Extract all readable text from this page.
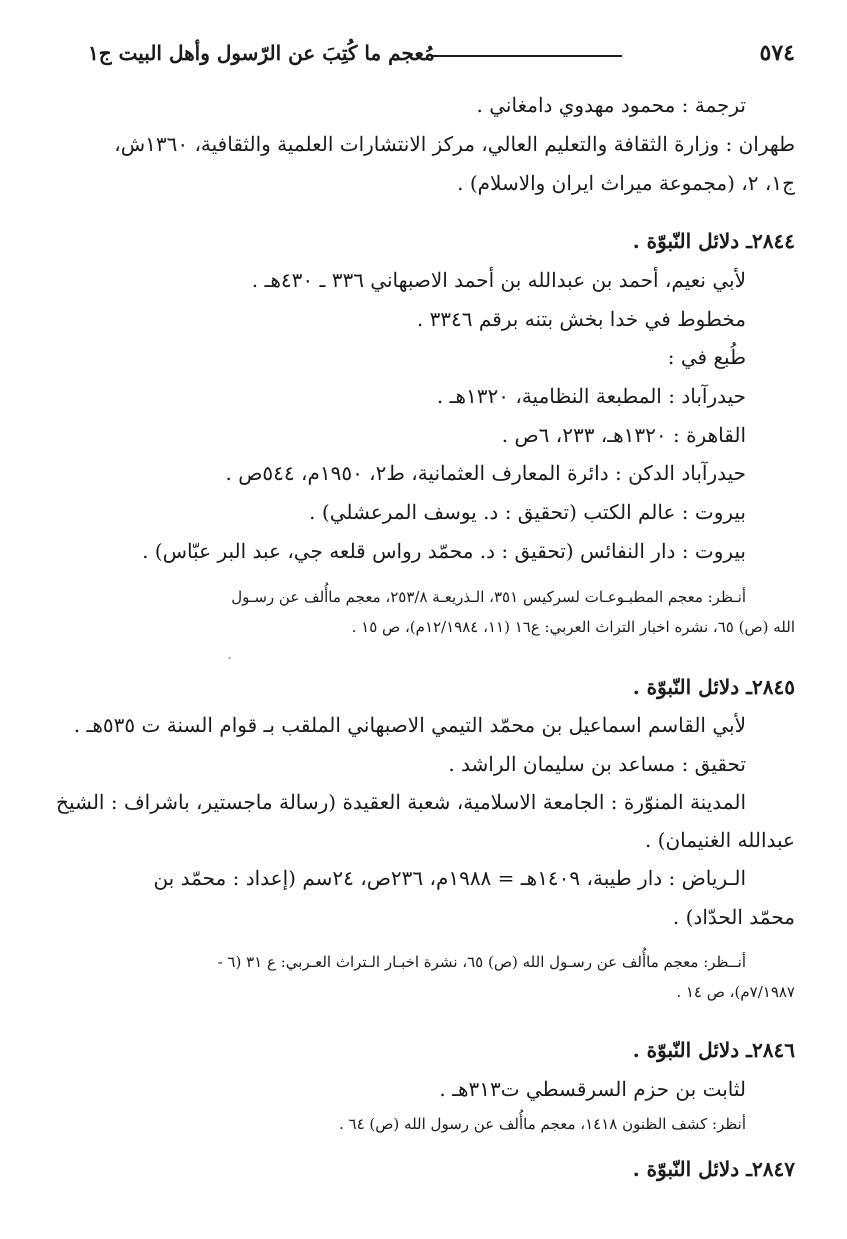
٥٧٤
مُعجم ما كُتِبَ عن الرّسول وأهل البيت ج١
ترجمة : محمود مهدوي دامغاني .
طهران : وزارة الثقافة والتعليم العالي، مركز الانتشارات العلمية والثقافية، ١٣٦٠ش،
ج١، ٢، (مجموعة ميراث ايران والاسلام) .
٢٨٤٤ـ دلائل النّبوّة .
لأبي نعيم، أحمد بن عبدالله بن أحمد الاصبهاني ٣٣٦ ـ ٤٣٠هـ .
مخطوط في خدا بخش بتنه برقم ٣٣٤٦ .
طُبع في :
حيدرآباد : المطبعة النظامية، ١٣٢٠هـ .
القاهرة : ١٣٢٠هـ، ٢٣٣، ٦ص .
حيدرآباد الدكن : دائرة المعارف العثمانية، ط٢، ١٩٥٠م، ٥٤٤ص .
بيروت : عالم الكتب (تحقيق : د. يوسف المرعشلي) .
بيروت : دار النفائس (تحقيق : د. محمّد رواس قلعه جي، عبد البر عبّاس) .
أنـظر: معجم المطبـوعـات لسركيس ٣٥١، الـذريعـة ٢٥٣/٨، معجم ماأُلف عن رسـول
الله (ص) ٦٥، نشره اخبار التراث العربي: ع١٦ (١١، ١٢/١٩٨٤م)، ص ١٥ .
٢٨٤٥ـ دلائل النّبوّة .
لأبي القاسم اسماعيل بن محمّد التيمي الاصبهاني الملقب بـ قوام السنة ت ٥٣٥هـ .
تحقيق : مساعد بن سليمان الراشد .
المدينة المنوّرة : الجامعة الاسلامية، شعبة العقيدة (رسالة ماجستير، باشراف : الشيخ
عبدالله الغنيمان) .
الـرياض : دار طيبة، ١٤٠٩هـ = ١٩٨٨م، ٢٣٦ص، ٢٤سم (إعداد : محمّد بن
محمّد الحدّاد) .
أنــظر: معجم ماأُلف عن رسـول الله (ص) ٦٥، نشرة اخبـار الـتراث العـربي: ع ٣١ (٦ -
٧/١٩٨٧م)، ص ١٤ .
٢٨٤٦ـ دلائل النّبوّة .
لثابت بن حزم السرقسطي ت٣١٣هـ .
أنظر: كشف الظنون ١٤١٨، معجم ماأُلف عن رسول الله (ص) ٦٤ .
٢٨٤٧ـ دلائل النّبوّة .
